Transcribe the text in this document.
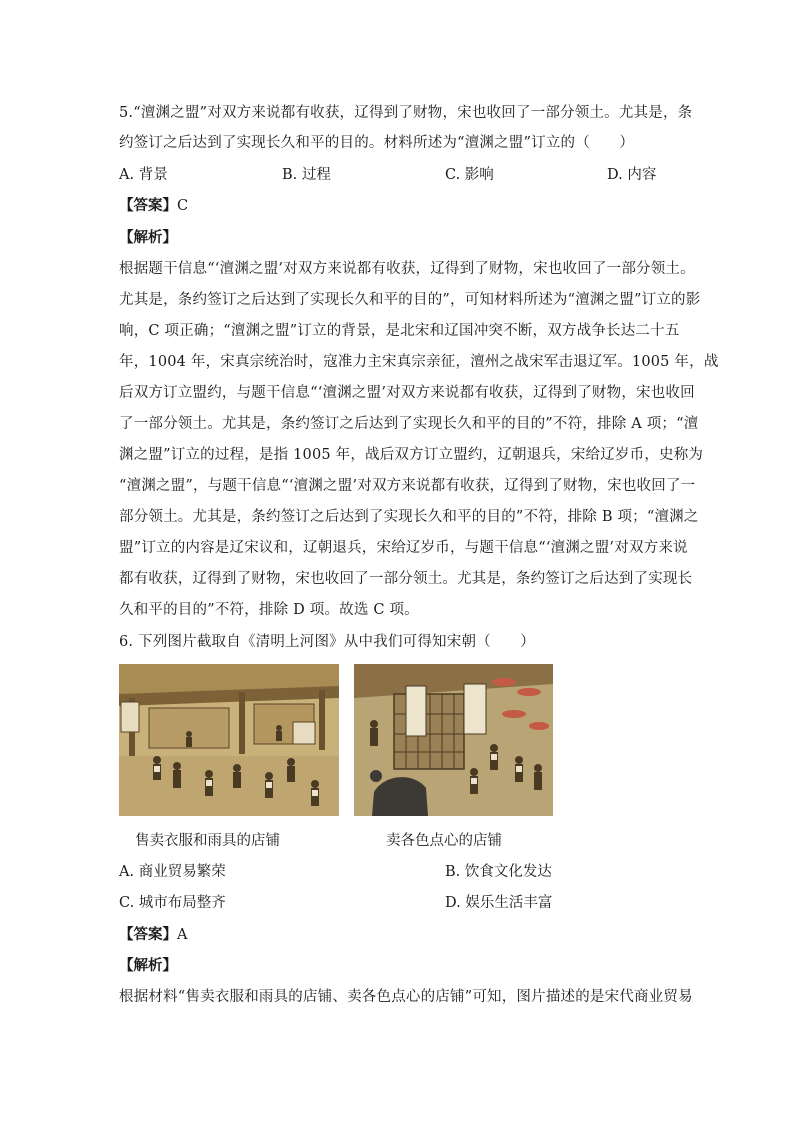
5.“澶渊之盟”对双方来说都有收获，辽得到了财物，宋也收回了一部分领土。尤其是，条
约签订之后达到了实现长久和平的目的。材料所述为“澶渊之盟”订立的（　　）
A. 背景	B. 过程	C. 影响	D. 内容
【答案】C
【解析】
根据题干信息“‘澶渊之盟’对双方来说都有收获，辽得到了财物，宋也收回了一部分领土。
尤其是，条约签订之后达到了实现长久和平的目的”，可知材料所述为“澶渊之盟”订立的影
响，C 项正确；“澶渊之盟”订立的背景，是北宋和辽国冲突不断，双方战争长达二十五
年，1004 年，宋真宗统治时，寇准力主宋真宗亲征，澶州之战宋军击退辽军。1005 年，战
后双方订立盟约，与题干信息“‘澶渊之盟’对双方来说都有收获，辽得到了财物，宋也收回
了一部分领土。尤其是，条约签订之后达到了实现长久和平的目的”不符，排除 A 项；“澶
渊之盟”订立的过程，是指 1005 年，战后双方订立盟约，辽朝退兵，宋给辽岁币，史称为
“澶渊之盟”，与题干信息“‘澶渊之盟’对双方来说都有收获，辽得到了财物，宋也收回了一
部分领土。尤其是，条约签订之后达到了实现长久和平的目的”不符，排除 B 项；“澶渊之
盟”订立的内容是辽宋议和，辽朝退兵，宋给辽岁币，与题干信息“‘澶渊之盟’对双方来说
都有收获，辽得到了财物，宋也收回了一部分领土。尤其是，条约签订之后达到了实现长
久和平的目的”不符，排除 D 项。故选 C 项。
6. 下列图片截取自《清明上河图》从中我们可得知宋朝（　　）
售卖衣服和雨具的店铺	卖各色点心的店铺
A. 商业贸易繁荣	B. 饮食文化发达
C. 城市布局整齐	D. 娱乐生活丰富
【答案】A
【解析】
根据材料“售卖衣服和雨具的店铺、卖各色点心的店铺”可知，图片描述的是宋代商业贸易
